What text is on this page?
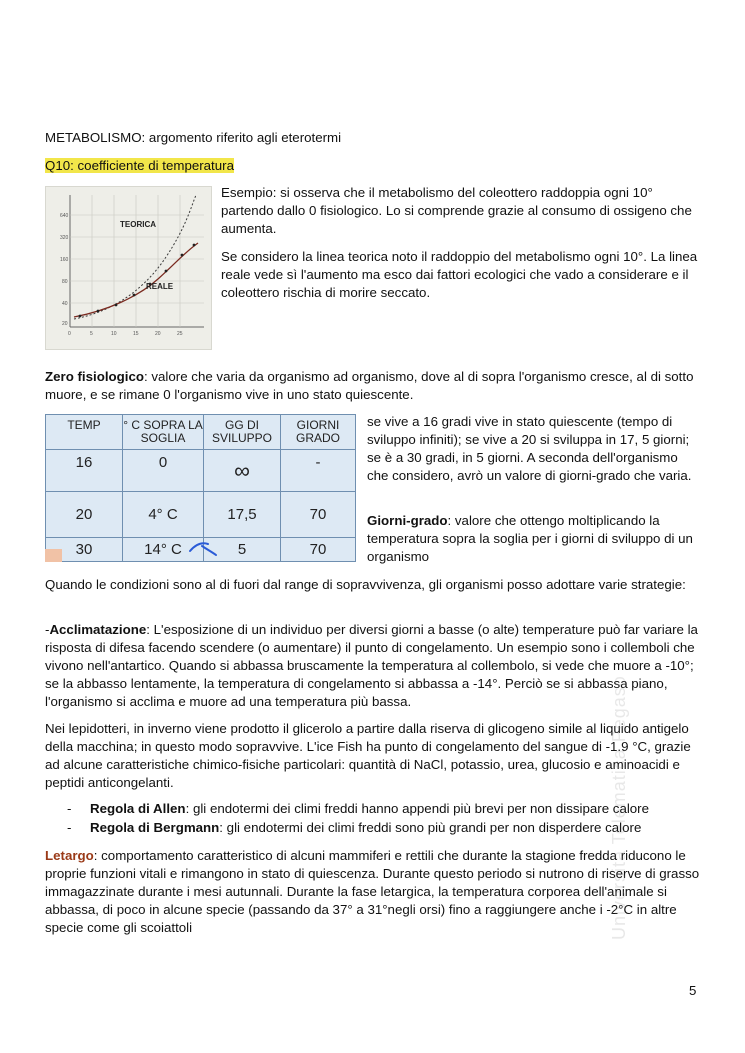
METABOLISMO: argomento riferito agli eterotermi

Q10: coefficiente di temperatura

640
320
160
80
40
20
0	5	10	15	20	25
TEORICA
REALE

Esempio: si osserva che il metabolismo del coleottero raddoppia ogni 10° partendo dallo 0 fisiologico. Lo si comprende grazie al consumo di ossigeno che aumenta.

Se considero la linea teorica noto il raddoppio del metabolismo ogni 10°. La linea reale vede sì l'aumento ma esco dai fattori ecologici che vado a considerare e il coleottero rischia di morire seccato.

Zero fisiologico: valore che varia da organismo ad organismo, dove al di sopra l'organismo cresce, al di sotto muore, e se rimane 0 l'organismo vive in uno stato quiescente.

TEMP	° C SOPRA LA SOGLIA	GG DI SVILUPPO	GIORNI GRADO
16	0	∞	-
20	4° C	17,5	70
30	14° C	5	70

se vive a 16 gradi vive in stato quiescente (tempo di sviluppo infiniti); se vive a 20 si sviluppa in 17, 5 giorni; se è a 30 gradi, in 5 giorni. A seconda dell'organismo che considero, avrò un valore di giorni-grado che varia.

Giorni-grado: valore che ottengo moltiplicando la temperatura sopra la soglia per i giorni di sviluppo di un organismo

Quando le condizioni sono al di fuori dal range di sopravvivenza, gli organismi posso adottare varie strategie:

-Acclimatazione: L'esposizione di un individuo per diversi giorni a basse (o alte) temperature può far variare la risposta di difesa facendo scendere (o aumentare) il punto di congelamento. Un esempio sono i collemboli che vivono nell'antartico. Quando si abbassa bruscamente la temperatura al collembolo, si vede che muore a -10°; se la abbasso lentamente, la temperatura di congelamento si abbassa a -14°. Perciò se si abbassa piano, l'organismo si acclima e muore ad una temperatura più bassa.

Nei lepidotteri, in inverno viene prodotto il glicerolo a partire dalla riserva di glicogeno simile al liquido antigelo della macchina; in questo modo sopravvive. L'ice Fish ha punto di congelamento del sangue di -1.9 °C, grazie ad alcune caratteristiche chimico-fisiche particolari: quantità di NaCl, potassio, urea, glucosio e aminoacidi e peptidi anticongelanti.

- Regola di Allen: gli endotermi dei climi freddi hanno appendi più brevi per non dissipare calore
- Regola di Bergmann: gli endotermi dei climi freddi sono più grandi per non disperdere calore

Letargo: comportamento caratteristico di alcuni mammiferi e rettili che durante la stagione fredda riducono le proprie funzioni vitali e rimangono in stato di quiescenza. Durante questo periodo si nutrono di riserve di grasso immagazzinate durante i mesi autunnali. Durante la fase letargica, la temperatura corporea dell'animale si abbassa, di poco in alcune specie (passando da 37° a 31°negli orsi) fino a raggiungere anche i -2°C in altre specie come gli scoiattoli	Università Telematica Pegaso
5
